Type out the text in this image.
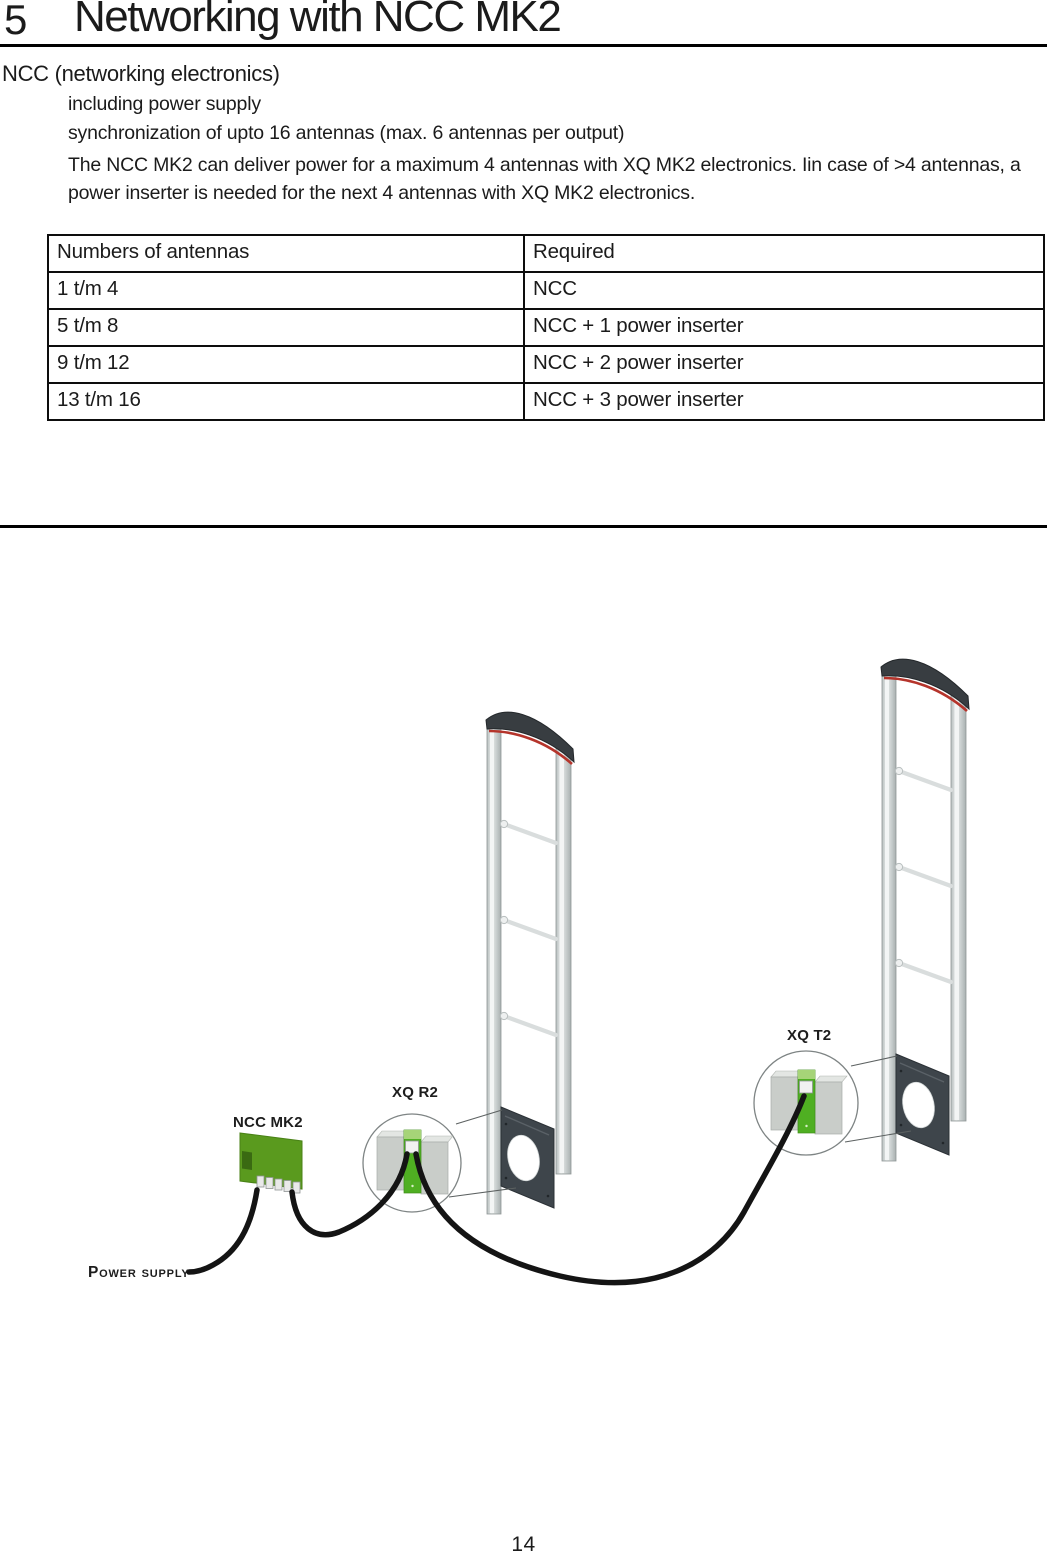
5	Networking with NCC MK2

NCC (networking electronics)

including power supply

synchronization of upto 16 antennas (max. 6 antennas per output)

The NCC MK2 can deliver power for a maximum 4 antennas with XQ MK2 electronics. Iin case of >4 antennas, a power inserter is needed for the next 4 antennas with XQ MK2 electronics.

Numbers of antennas	Required
1 t/m 4	NCC
5 t/m 8	NCC + 1 power inserter
9 t/m 12	NCC + 2 power inserter
13 t/m 16	NCC + 3 power inserter
NCC MK2
XQ R2
XQ T2
Power supply
14
